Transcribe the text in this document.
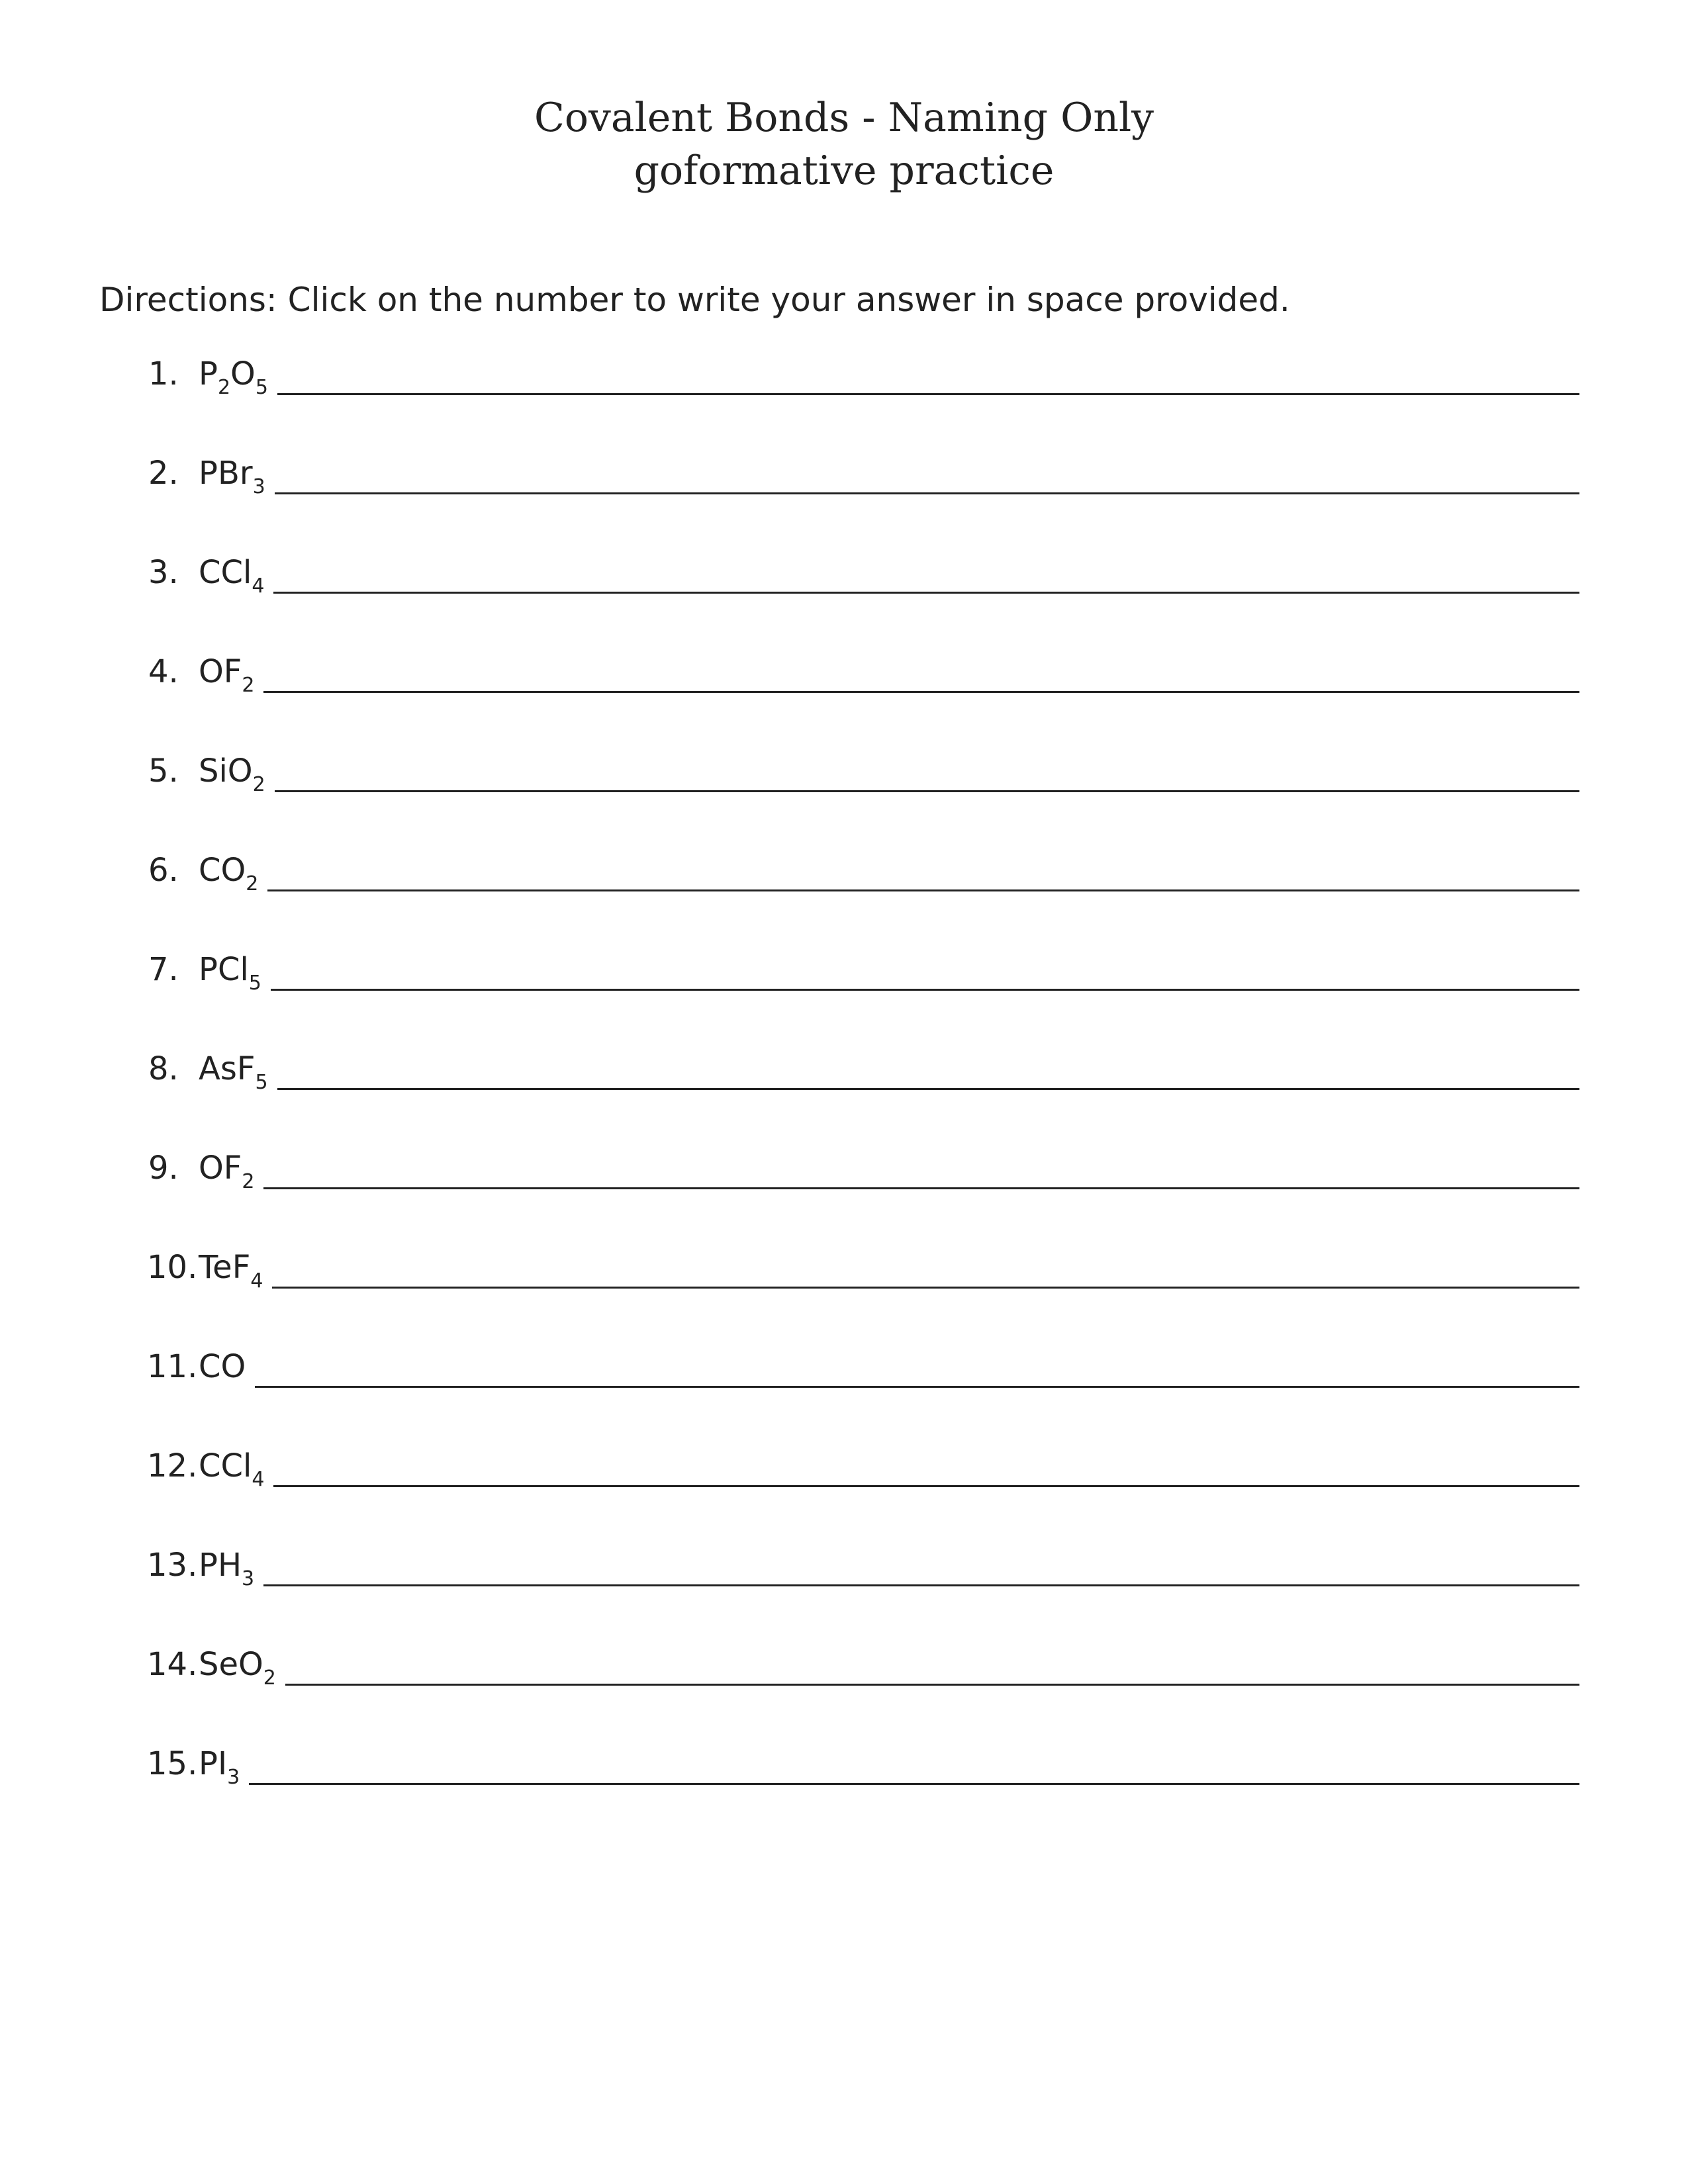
Covalent Bonds - Naming Only
goformative practice
Directions: Click on the number to write your answer in space provided.
1. $P_2O_5$
2. PBr$_3$
3. CCl$_4$
4. $OF_2$
5. SiO$_2$
6. $CO_2$
7. PCl$_5$
8. AsF$_5$
9. $OF_2$
10. TeF$_4$
11. CO
12. CCl$_4$
13. $PH_3$
14. SeO$_2$
15. $PI_3$
